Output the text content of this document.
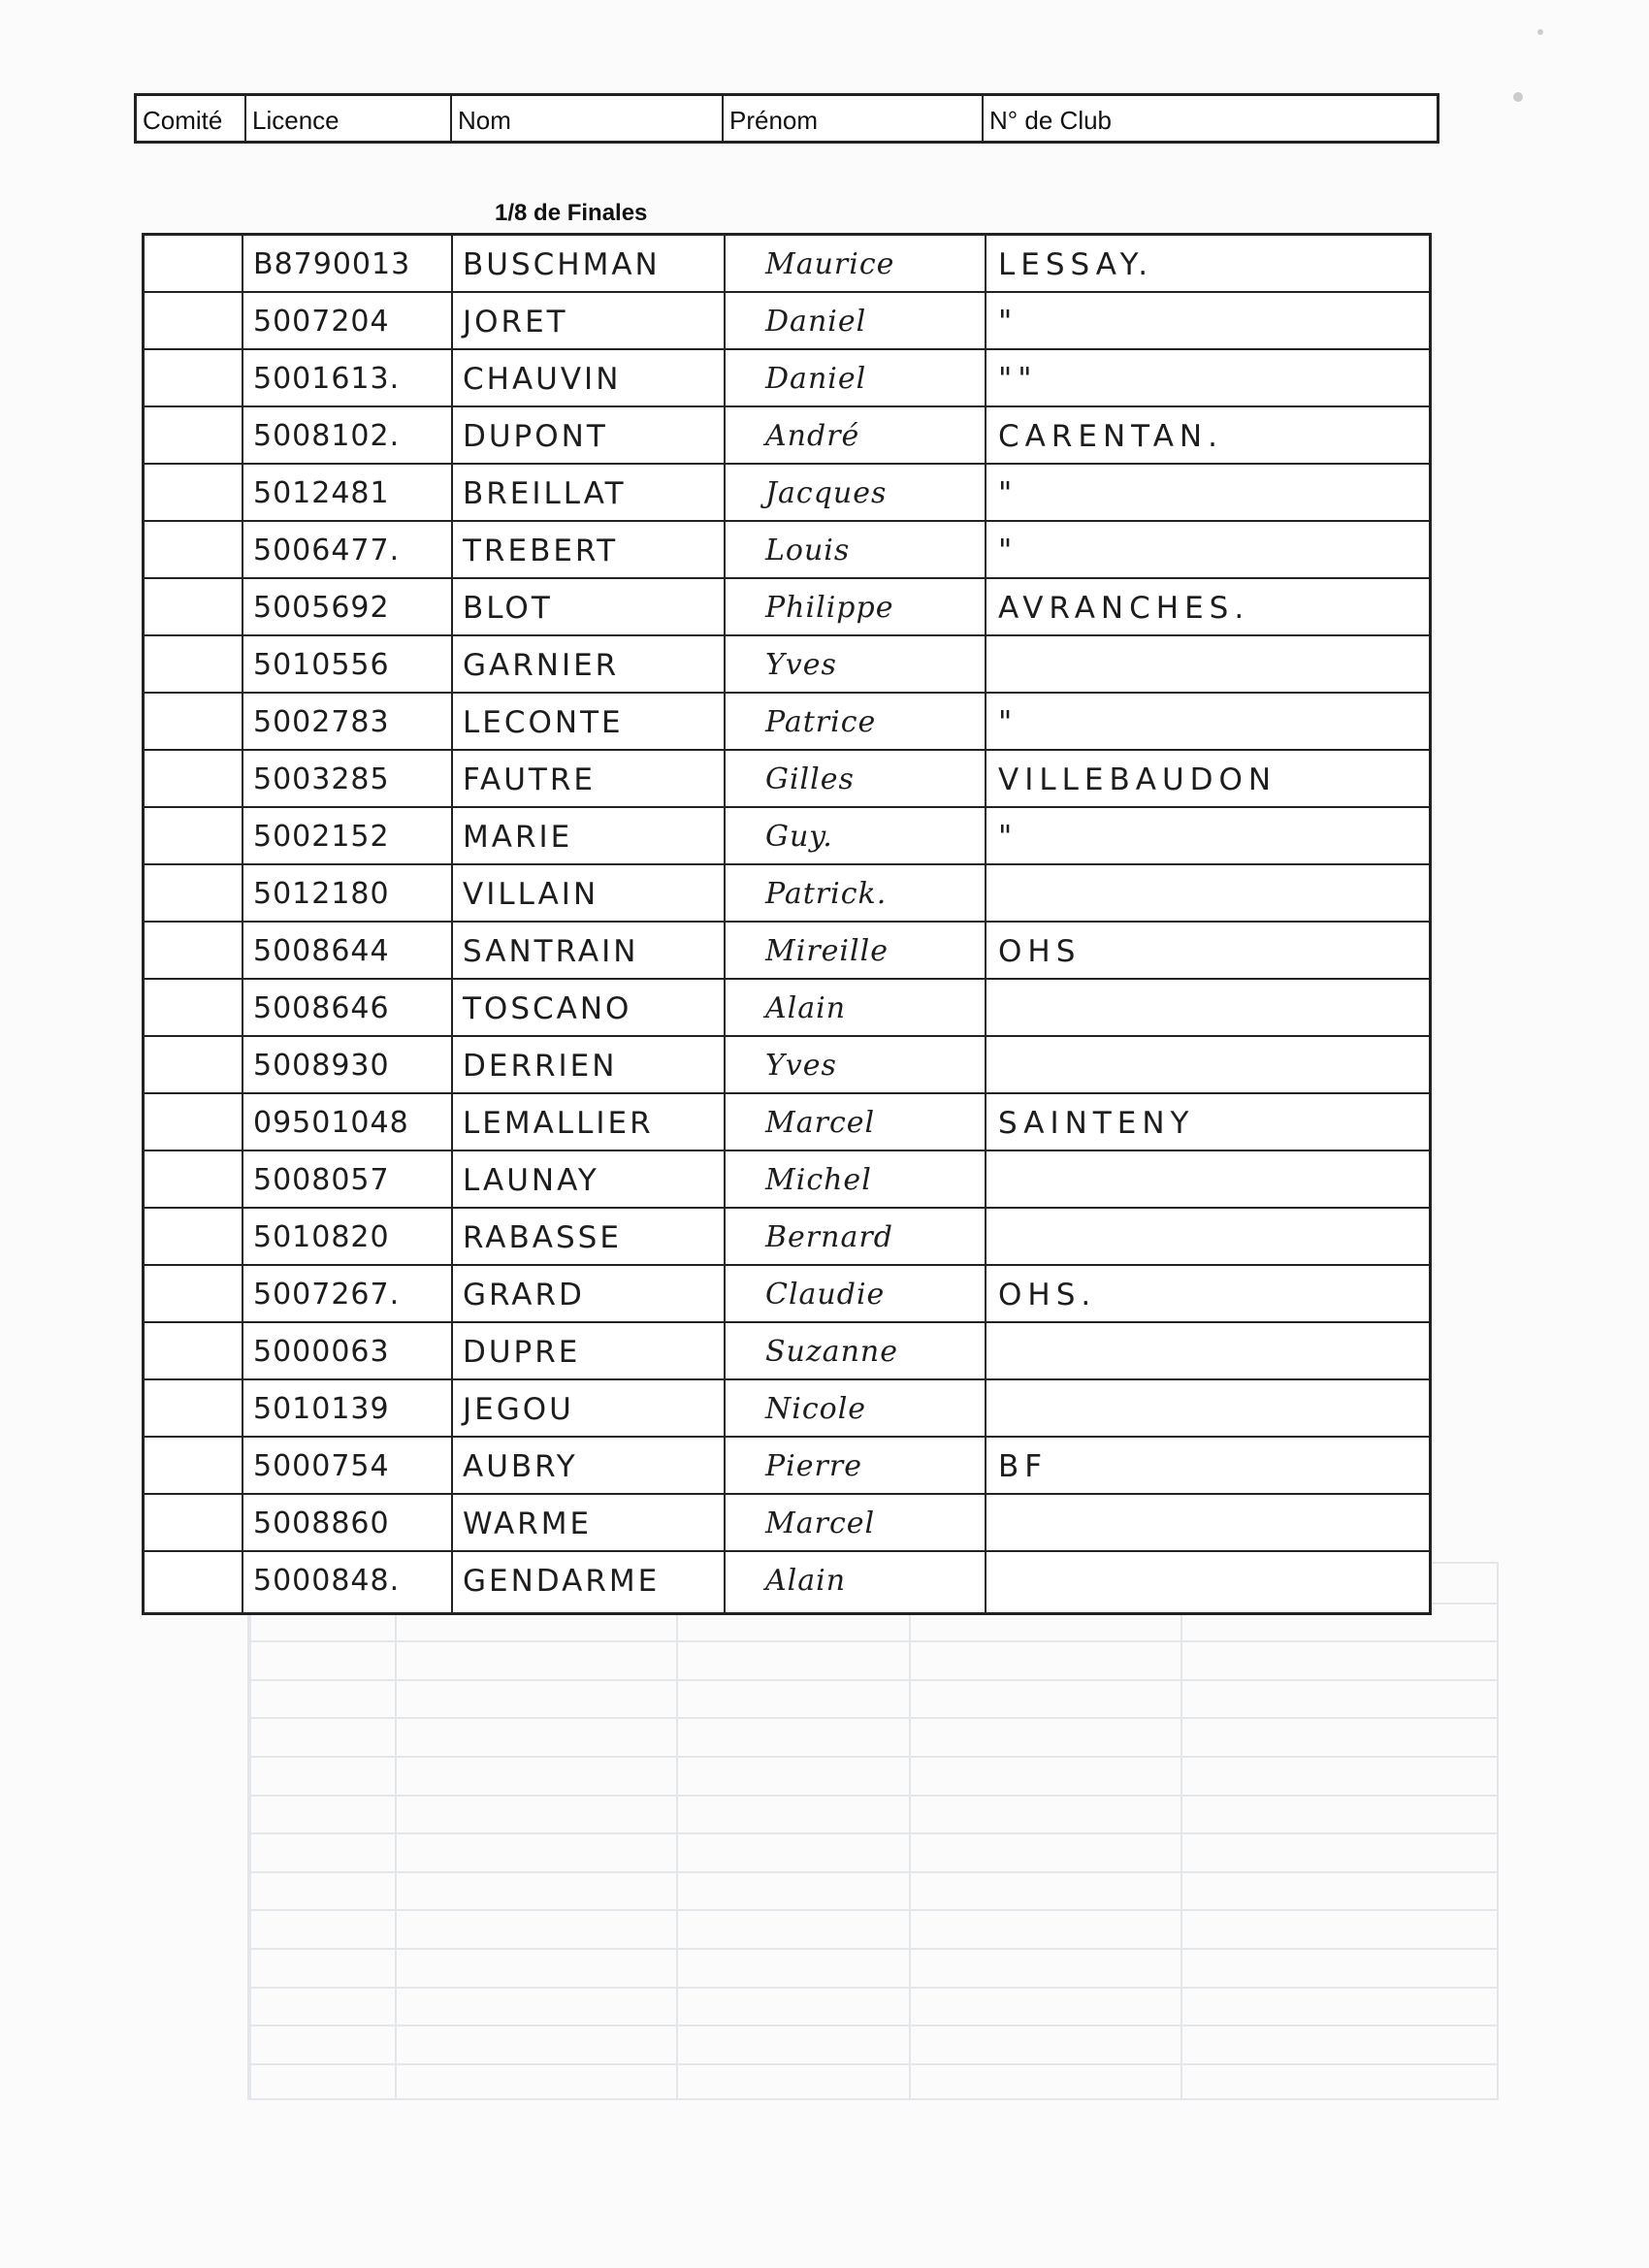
Comité	Licence	Nom	Prénom	N° de Club
1/8 de Finales
B8790013 BUSCHMAN	Maurice	LESSAY.
5007204 JORET	Daniel	"
5001613. CHAUVIN	Daniel	""
5008102. DUPONT	André	CARENTAN.
5012481 BREILLAT	Jacques	"
5006477. TREBERT	Louis	"
5005692 BLOT	Philippe	AVRANCHES.
5010556 GARNIER	Yves
5002783 LECONTE	Patrice	"
5003285 FAUTRE	Gilles	VILLEBAUDON
5002152 MARIE	Guy.	"
5012180 VILLAIN	Patrick.
5008644 SANTRAIN	Mireille	OHS
5008646 TOSCANO	Alain
5008930 DERRIEN	Yves
09501048 LEMALLIER	Marcel	SAINTENY
5008057 LAUNAY	Michel
5010820 RABASSE	Bernard
5007267. GRARD	Claudie	OHS.
5000063 DUPRE	Suzanne
5010139 JEGOU	Nicole
5000754 AUBRY	Pierre	BF
5008860 WARME	Marcel
5000848. GENDARME	Alain
